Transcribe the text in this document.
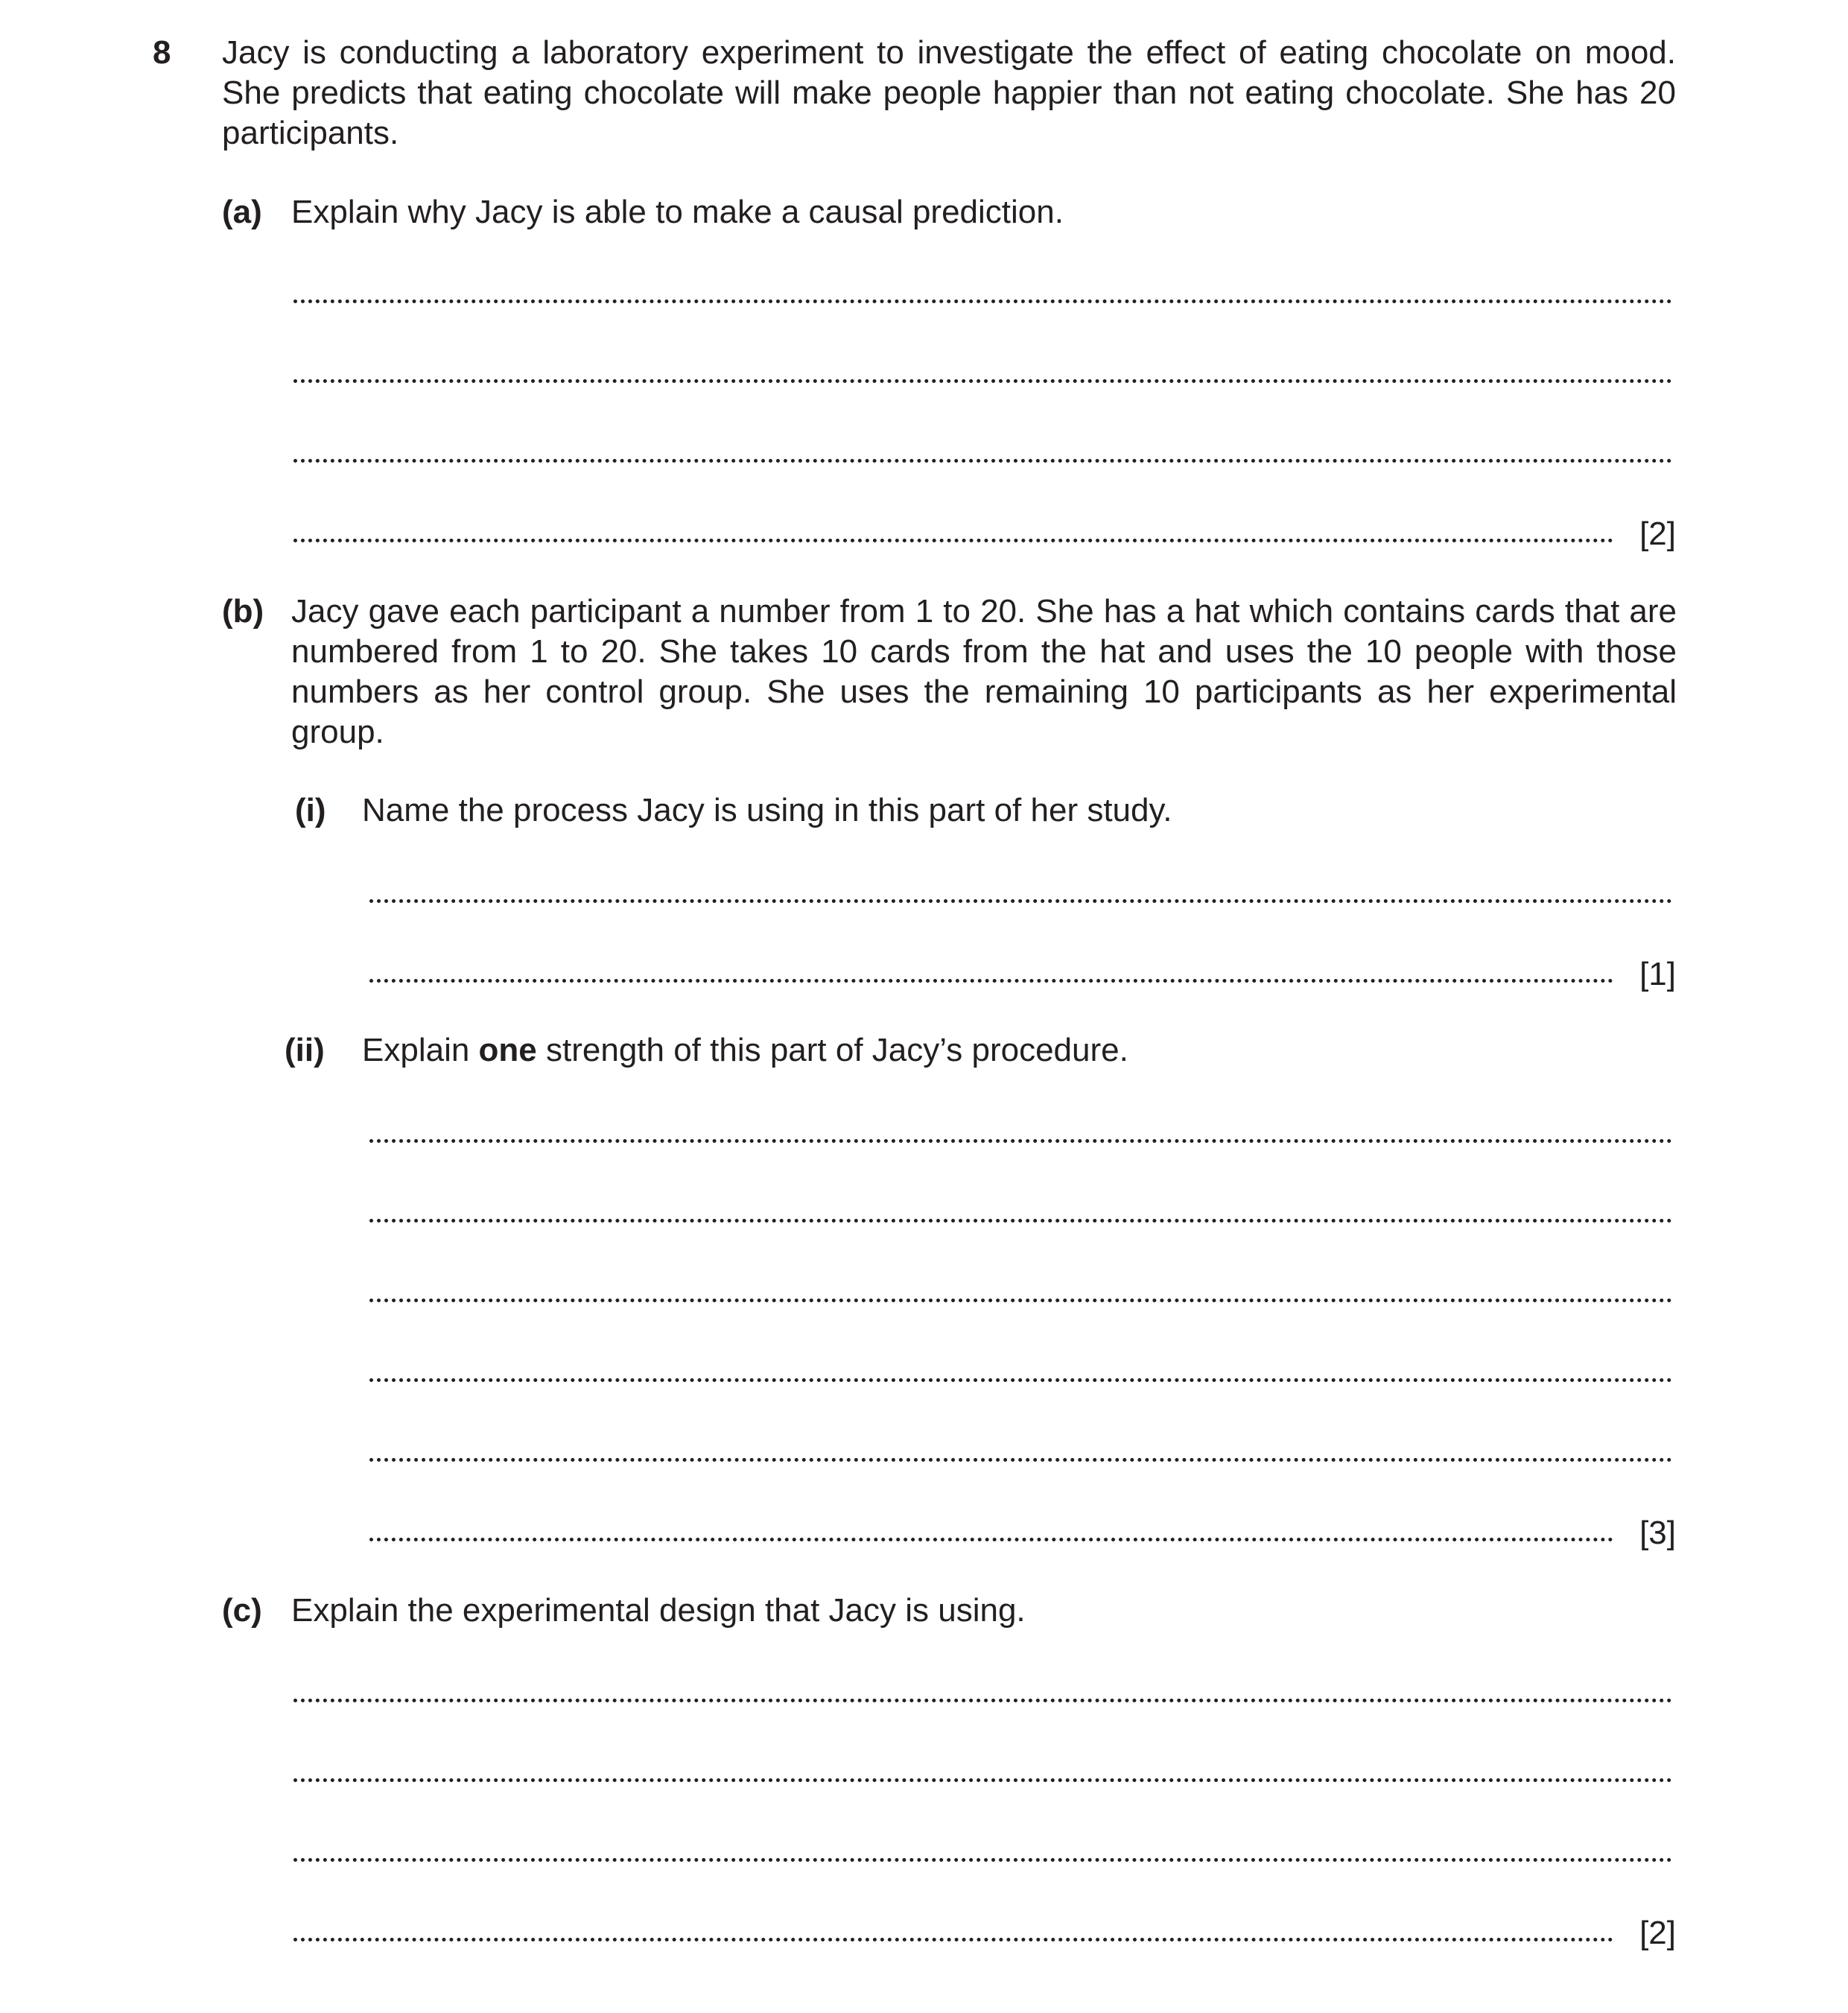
8 Jacy is conducting a laboratory experiment to investigate the effect of eating chocolate on mood. She predicts that eating chocolate will make people happier than not eating chocolate. She has 20 participants.
(a) Explain why Jacy is able to make a causal prediction.
[2]
(b) Jacy gave each participant a number from 1 to 20. She has a hat which contains cards that are numbered from 1 to 20. She takes 10 cards from the hat and uses the 10 people with those numbers as her control group. She uses the remaining 10 participants as her experimental group.
(i) Name the process Jacy is using in this part of her study.
[1]
(ii) Explain one strength of this part of Jacy’s procedure.
[3]
(c) Explain the experimental design that Jacy is using.
[2]
